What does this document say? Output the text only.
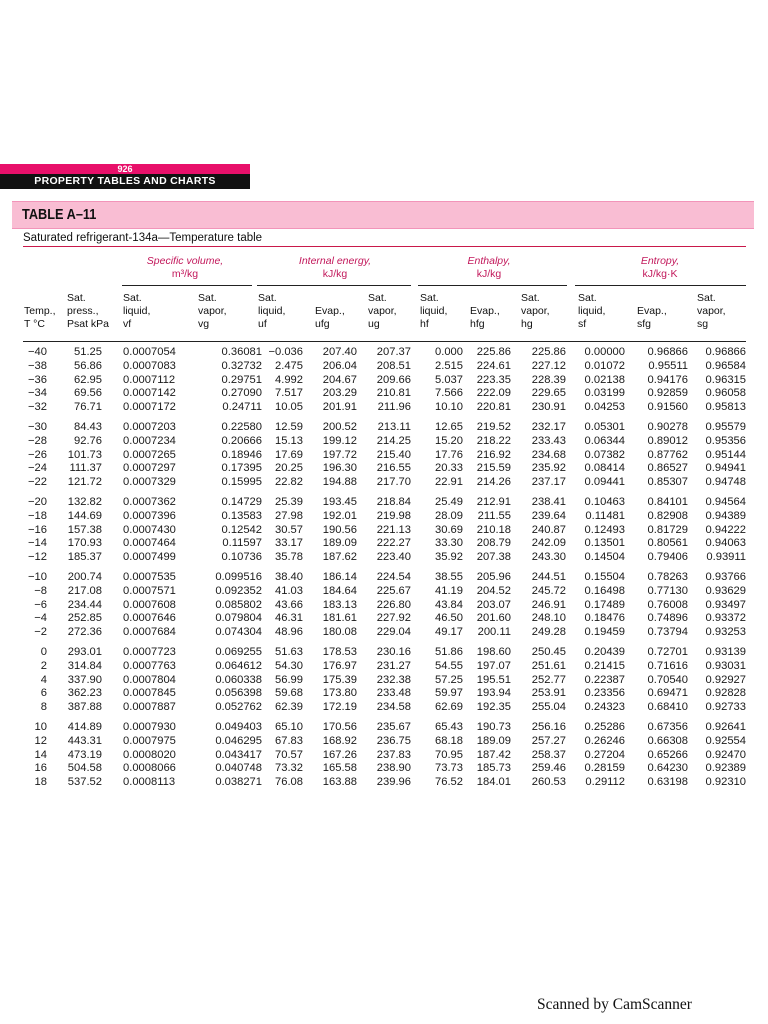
926
PROPERTY TABLES AND CHARTS
TABLE A–11
Saturated refrigerant-134a—Temperature table
Specific volume,
m³/kg
Internal energy,
kJ/kg
Enthalpy,
kJ/kg
Entropy,
kJ/kg·K
Temp.,
T °C
Sat.
press.,
Psat kPa
Sat.
liquid,
vf
Sat.
vapor,
vg
Sat.
liquid,
uf
Evap.,
ufg
Sat.
vapor,
ug
Sat.
liquid,
hf
Evap.,
hfg
Sat.
vapor,
hg
Sat.
liquid,
sf
Evap.,
sfg
Sat.
vapor,
sg
−40 51.25 0.0007054	0.36081 −0.036 207.40 207.37 0.000 225.86 225.86 0.00000 0.96866 0.96866
−38 56.86 0.0007083	0.32732 2.475 206.04 208.51 2.515 224.61 227.12 0.01072 0.95511 0.96584
−36 62.95 0.0007112	0.29751 4.992 204.67 209.66 5.037 223.35 228.39 0.02138 0.94176 0.96315
−34 69.56 0.0007142	0.27090 7.517 203.29 210.81 7.566 222.09 229.65 0.03199 0.92859 0.96058
−32 76.71 0.0007172	0.24711 10.05 201.91 211.96 10.10 220.81 230.91 0.04253 0.91560 0.95813
−30 84.43 0.0007203	0.22580 12.59 200.52 213.11 12.65 219.52 232.17 0.05301 0.90278 0.95579
−28 92.76 0.0007234	0.20666 15.13 199.12 214.25 15.20 218.22 233.43 0.06344 0.89012 0.95356
−26 101.73 0.0007265	0.18946 17.69 197.72 215.40 17.76 216.92 234.68 0.07382 0.87762 0.95144
−24 111.37 0.0007297	0.17395 20.25 196.30 216.55 20.33 215.59 235.92 0.08414 0.86527 0.94941
−22 121.72 0.0007329	0.15995 22.82 194.88 217.70 22.91 214.26 237.17 0.09441 0.85307 0.94748
−20 132.82 0.0007362	0.14729 25.39 193.45 218.84 25.49 212.91 238.41 0.10463 0.84101 0.94564
−18 144.69 0.0007396	0.13583 27.98 192.01 219.98 28.09 211.55 239.64 0.11481 0.82908 0.94389
−16 157.38 0.0007430	0.12542 30.57 190.56 221.13 30.69 210.18 240.87 0.12493 0.81729 0.94222
−14 170.93 0.0007464	0.11597 33.17 189.09 222.27 33.30 208.79 242.09 0.13501 0.80561 0.94063
−12 185.37 0.0007499	0.10736 35.78 187.62 223.40 35.92 207.38 243.30 0.14504 0.79406 0.93911
−10 200.74 0.0007535	0.099516 38.40 186.14 224.54 38.55 205.96 244.51 0.15504 0.78263 0.93766
−8 217.08 0.0007571	0.092352 41.03 184.64 225.67 41.19 204.52 245.72 0.16498 0.77130 0.93629
−6 234.44 0.0007608	0.085802 43.66 183.13 226.80 43.84 203.07 246.91 0.17489 0.76008 0.93497
−4 252.85 0.0007646	0.079804 46.31 181.61 227.92 46.50 201.60 248.10 0.18476 0.74896 0.93372
−2 272.36 0.0007684	0.074304 48.96 180.08 229.04 49.17 200.11 249.28 0.19459 0.73794 0.93253
0 293.01 0.0007723	0.069255 51.63 178.53 230.16 51.86 198.60 250.45 0.20439 0.72701 0.93139
2 314.84 0.0007763	0.064612 54.30 176.97 231.27 54.55 197.07 251.61 0.21415 0.71616 0.93031
4 337.90 0.0007804	0.060338 56.99 175.39 232.38 57.25 195.51 252.77 0.22387 0.70540 0.92927
6 362.23 0.0007845	0.056398 59.68 173.80 233.48 59.97 193.94 253.91 0.23356 0.69471 0.92828
8 387.88 0.0007887	0.052762 62.39 172.19 234.58 62.69 192.35 255.04 0.24323 0.68410 0.92733
10 414.89 0.0007930	0.049403 65.10 170.56 235.67 65.43 190.73 256.16 0.25286 0.67356 0.92641
12 443.31 0.0007975	0.046295 67.83 168.92 236.75 68.18 189.09 257.27 0.26246 0.66308 0.92554
14 473.19 0.0008020	0.043417 70.57 167.26 237.83 70.95 187.42 258.37 0.27204 0.65266 0.92470
16 504.58 0.0008066	0.040748 73.32 165.58 238.90 73.73 185.73 259.46 0.28159 0.64230 0.92389
18 537.52 0.0008113	0.038271 76.08 163.88 239.96 76.52 184.01 260.53 0.29112 0.63198 0.92310
Scanned by CamScanner
